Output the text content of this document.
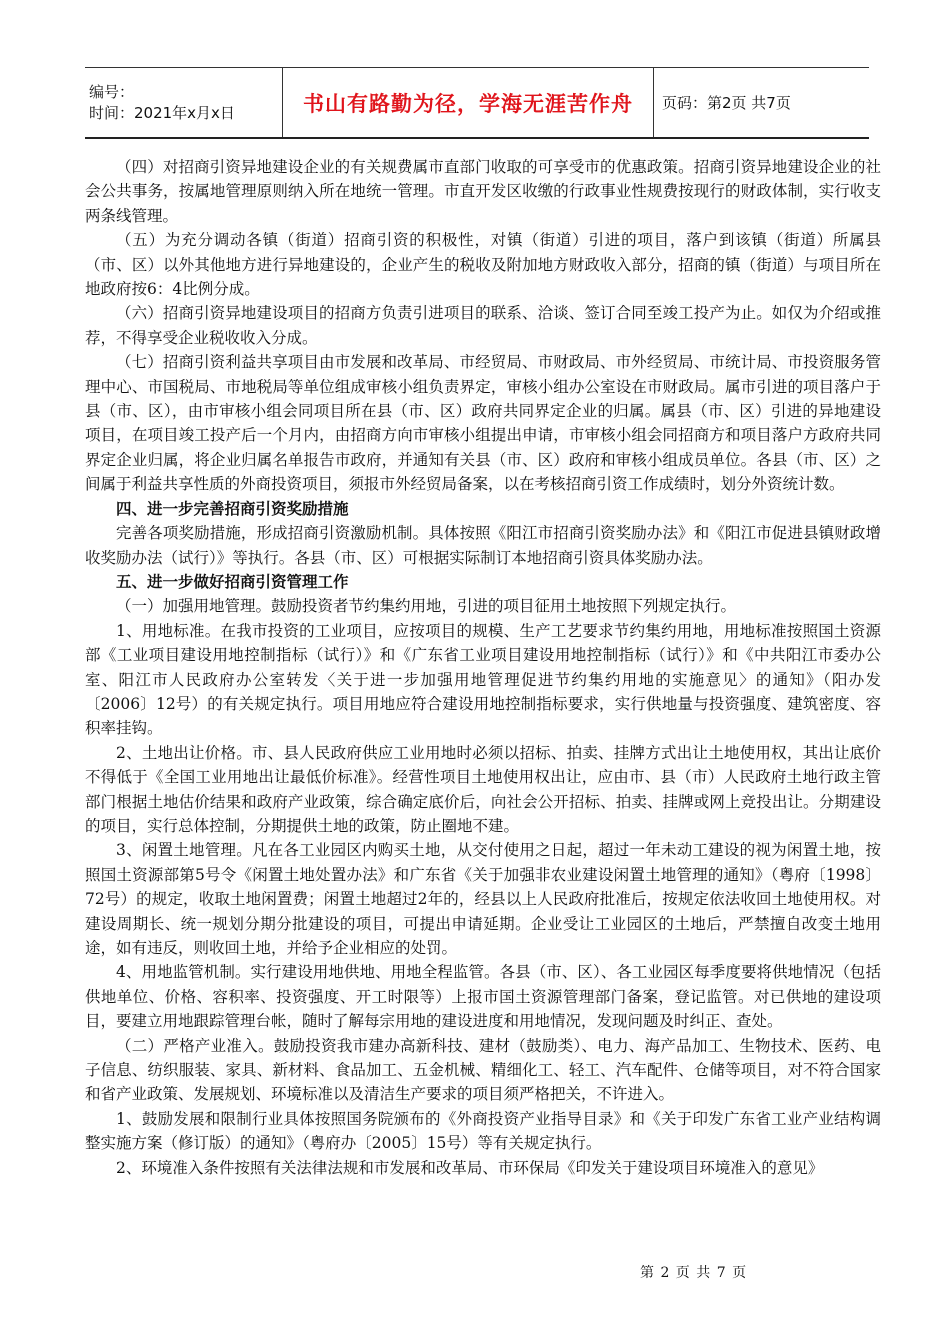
编号：
时间：2021年x月x日	书山有路勤为径，学海无涯苦作舟 页码：第2页 共7页

（四）对招商引资异地建设企业的有关规费属市直部门收取的可享受市的优惠政策。招商引资异地建设企业的社会公共事务，按属地管理原则纳入所在地统一管理。市直开发区收缴的行政事业性规费按现行的财政体制，实行收支两条线管理。

（五）为充分调动各镇（街道）招商引资的积极性，对镇（街道）引进的项目，落户到该镇（街道）所属县（市、区）以外其他地方进行异地建设的，企业产生的税收及附加地方财政收入部分，招商的镇（街道）与项目所在地政府按6：4比例分成。

（六）招商引资异地建设项目的招商方负责引进项目的联系、洽谈、签订合同至竣工投产为止。如仅为介绍或推荐，不得享受企业税收收入分成。

（七）招商引资利益共享项目由市发展和改革局、市经贸局、市财政局、市外经贸局、市统计局、市投资服务管理中心、市国税局、市地税局等单位组成审核小组负责界定，审核小组办公室设在市财政局。属市引进的项目落户于县（市、区），由市审核小组会同项目所在县（市、区）政府共同界定企业的归属。属县（市、区）引进的异地建设项目，在项目竣工投产后一个月内，由招商方向市审核小组提出申请，市审核小组会同招商方和项目落户方政府共同界定企业归属，将企业归属名单报告市政府，并通知有关县（市、区）政府和审核小组成员单位。各县（市、区）之间属于利益共享性质的外商投资项目，须报市外经贸局备案，以在考核招商引资工作成绩时，划分外资统计数。

四、进一步完善招商引资奖励措施

完善各项奖励措施，形成招商引资激励机制。具体按照《阳江市招商引资奖励办法》和《阳江市促进县镇财政增收奖励办法（试行）》等执行。各县（市、区）可根据实际制订本地招商引资具体奖励办法。

五、进一步做好招商引资管理工作

（一）加强用地管理。鼓励投资者节约集约用地，引进的项目征用土地按照下列规定执行。

1、用地标准。在我市投资的工业项目，应按项目的规模、生产工艺要求节约集约用地，用地标准按照国土资源部《工业项目建设用地控制指标（试行）》和《广东省工业项目建设用地控制指标（试行）》和《中共阳江市委办公室、阳江市人民政府办公室转发〈关于进一步加强用地管理促进节约集约用地的实施意见〉的通知》（阳办发〔2006〕12号）的有关规定执行。项目用地应符合建设用地控制指标要求，实行供地量与投资强度、建筑密度、容积率挂钩。

2、土地出让价格。市、县人民政府供应工业用地时必须以招标、拍卖、挂牌方式出让土地使用权，其出让底价不得低于《全国工业用地出让最低价标准》。经营性项目土地使用权出让，应由市、县（市）人民政府土地行政主管部门根据土地估价结果和政府产业政策，综合确定底价后，向社会公开招标、拍卖、挂牌或网上竞投出让。分期建设的项目，实行总体控制，分期提供土地的政策，防止圈地不建。

3、闲置土地管理。凡在各工业园区内购买土地，从交付使用之日起，超过一年未动工建设的视为闲置土地，按照国土资源部第5号令《闲置土地处置办法》和广东省《关于加强非农业建设闲置土地管理的通知》（粤府〔1998〕72号）的规定，收取土地闲置费；闲置土地超过2年的，经县以上人民政府批准后，按规定依法收回土地使用权。对建设周期长、统一规划分期分批建设的项目，可提出申请延期。企业受让工业园区的土地后，严禁擅自改变土地用途，如有违反，则收回土地，并给予企业相应的处罚。

4、用地监管机制。实行建设用地供地、用地全程监管。各县（市、区）、各工业园区每季度要将供地情况（包括供地单位、价格、容积率、投资强度、开工时限等）上报市国土资源管理部门备案，登记监管。对已供地的建设项目，要建立用地跟踪管理台帐，随时了解每宗用地的建设进度和用地情况，发现问题及时纠正、查处。

（二）严格产业准入。鼓励投资我市建办高新科技、建材（鼓励类）、电力、海产品加工、生物技术、医药、电子信息、纺织服装、家具、新材料、食品加工、五金机械、精细化工、轻工、汽车配件、仓储等项目，对不符合国家和省产业政策、发展规划、环境标准以及清洁生产要求的项目须严格把关，不许进入。

1、鼓励发展和限制行业具体按照国务院颁布的《外商投资产业指导目录》和《关于印发广东省工业产业结构调整实施方案（修订版）的通知》（粤府办〔2005〕15号）等有关规定执行。

2、环境准入条件按照有关法律法规和市发展和改革局、市环保局《印发关于建设项目环境准入的意见》

第 2 页 共 7 页
